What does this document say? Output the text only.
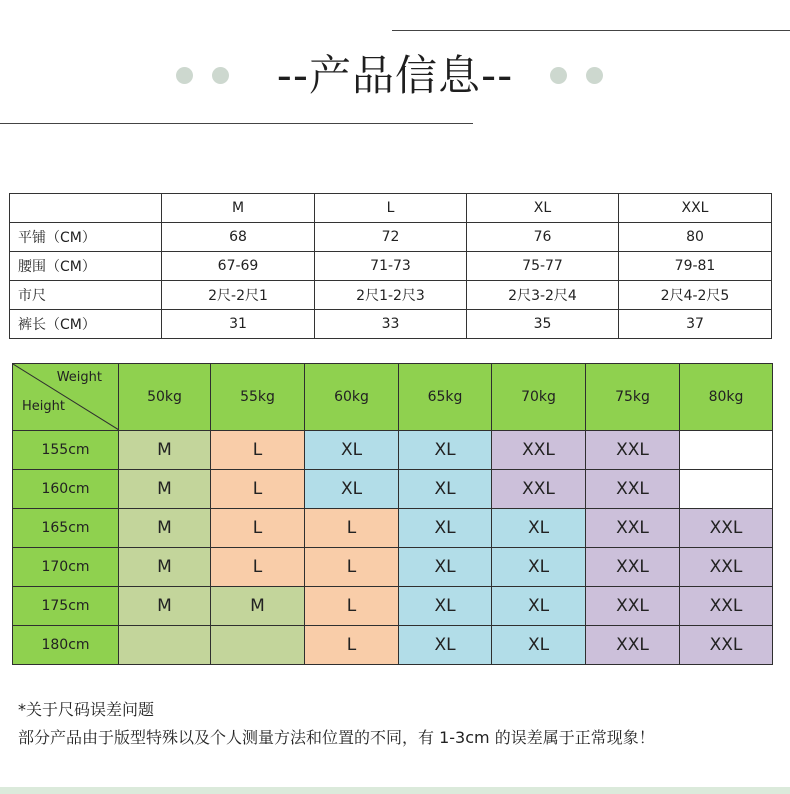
--产品信息--
	M	L	XL	XXL
平铺（CM）	68	72	76	80
腰围（CM）	67-69	71-73	75-77	79-81
市尺	2尺-2尺1	2尺1-2尺3	2尺3-2尺4	2尺4-2尺5
裤长（CM）	31	33	35	37
Weight
Height	50kg	55kg	60kg	65kg	70kg	75kg	80kg
155cm	M	L	XL	XL	XXL	XXL	
160cm	M	L	XL	XL	XXL	XXL	
165cm	M	L	L	XL	XL	XXL	XXL
170cm	M	L	L	XL	XL	XXL	XXL
175cm	M	M	L	XL	XL	XXL	XXL
180cm			L	XL	XL	XXL	XXL
*关于尺码误差问题
部分产品由于版型特殊以及个人测量方法和位置的不同，有 1-3cm 的误差属于正常现象！
